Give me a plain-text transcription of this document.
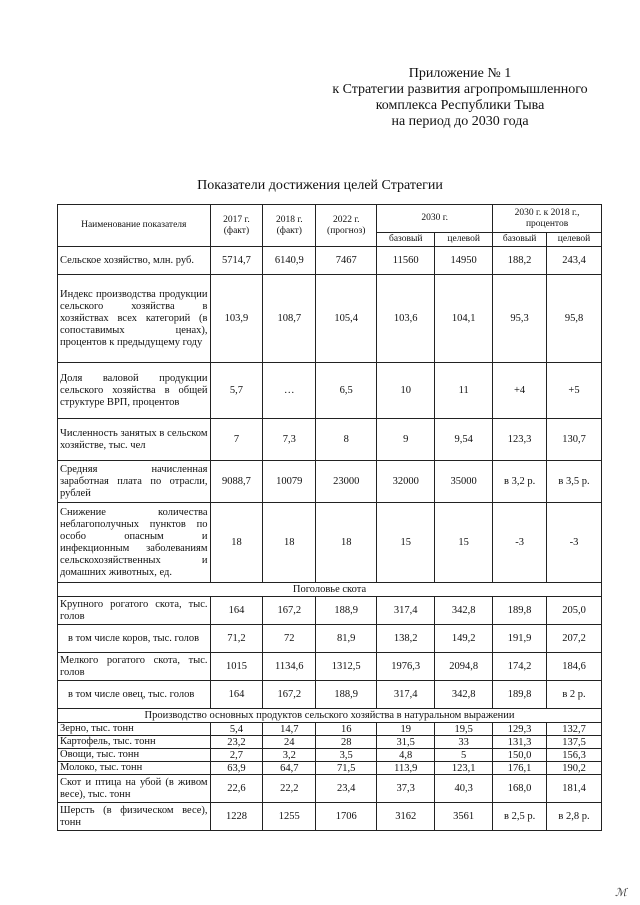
Приложение № 1
к Стратегии развития агропромышленного
комплекса Республики Тыва
на период до 2030 года
Показатели достижения целей Стратегии
Наименование показателя	2017 г. (факт)	2018 г. (факт)	2022 г. (прогноз)	2030 г.		2030 г. к 2018 г., процентов	
				базовый	целевой	базовый	целевой
Сельское хозяйство, млн. руб.	5714,7	6140,9	7467	11560	14950	188,2	243,4
Индекс производства продукции сельского хозяйства в хозяйствах всех категорий (в сопоставимых ценах), процентов к предыдущему году	103,9	108,7	105,4	103,6	104,1	95,3	95,8
Доля валовой продукции сельского хозяйства в общей структуре ВРП, процентов	5,7	…	6,5	10	11	+4	+5
Численность занятых в сельском хозяйстве, тыс. чел	7	7,3	8	9	9,54	123,3	130,7
Средняя начисленная заработная плата по отрасли, рублей	9088,7	10079	23000	32000	35000	в 3,2 р.	в 3,5 р.
Снижение количества неблагополучных пунктов по особо опасным и инфекционным заболеваниям сельскохозяйственных и домашних животных, ед.	18	18	18	15	15	-3	-3
Поголовье скота							
Крупного рогатого скота, тыс. голов	164	167,2	188,9	317,4	342,8	189,8	205,0
в том числе коров, тыс. голов	71,2	72	81,9	138,2	149,2	191,9	207,2
Мелкого рогатого скота, тыс. голов	1015	1134,6	1312,5	1976,3	2094,8	174,2	184,6
в том числе овец, тыс. голов	164	167,2	188,9	317,4	342,8	189,8	в 2 р.
Производство основных продуктов сельского хозяйства в натуральном выражении							
Зерно, тыс. тонн	5,4	14,7	16	19	19,5	129,3	132,7
Картофель, тыс. тонн	23,2	24	28	31,5	33	131,3	137,5
Овощи, тыс. тонн	2,7	3,2	3,5	4,8	5	150,0	156,3
Молоко, тыс. тонн	63,9	64,7	71,5	113,9	123,1	176,1	190,2
Скот и птица на убой (в живом весе), тыс. тонн	22,6	22,2	23,4	37,3	40,3	168,0	181,4
Шерсть (в физическом весе), тонн	1228	1255	1706	3162	3561	в 2,5 р.	в 2,8 р.
ℳ
